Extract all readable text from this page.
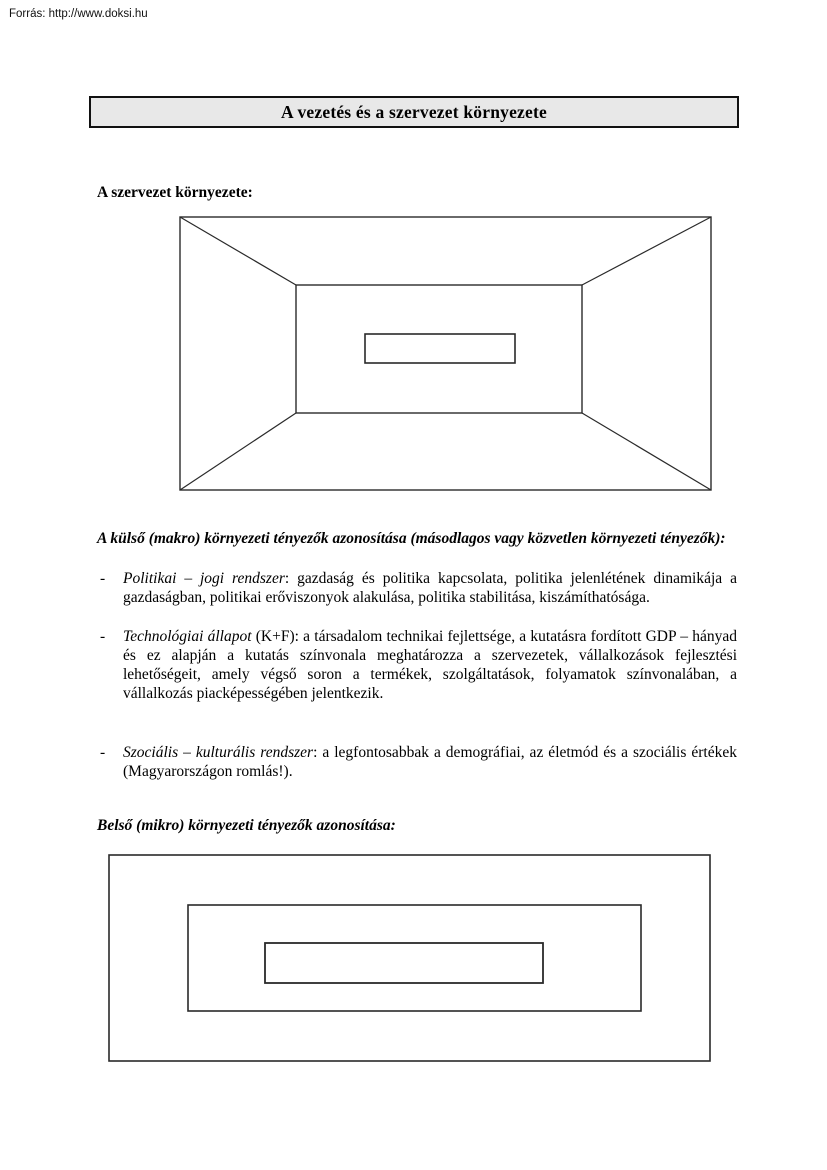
Forrás: http://www.doksi.hu
A vezetés és a szervezet környezete
A szervezet környezete:
A külső (makro) környezeti tényezők azonosítása (másodlagos vagy közvetlen környezeti tényezők):
- Politikai – jogi rendszer: gazdaság és politika kapcsolata, politika jelenlétének dinamikája a gazdaságban, politikai erőviszonyok alakulása, politika stabilitása, kiszámíthatósága.
- Technológiai állapot (K+F): a társadalom technikai fejlettsége, a kutatásra fordított GDP – hányad és ez alapján a kutatás színvonala meghatározza a szervezetek, vállalkozások fejlesztési lehetőségeit, amely végső soron a termékek, szolgáltatások, folyamatok színvonalában, a vállalkozás piacképességében jelentkezik.
- Szociális – kulturális rendszer: a legfontosabbak a demográfiai, az életmód és a szociális értékek (Magyarországon romlás!).
Belső (mikro) környezeti tényezők azonosítása:
